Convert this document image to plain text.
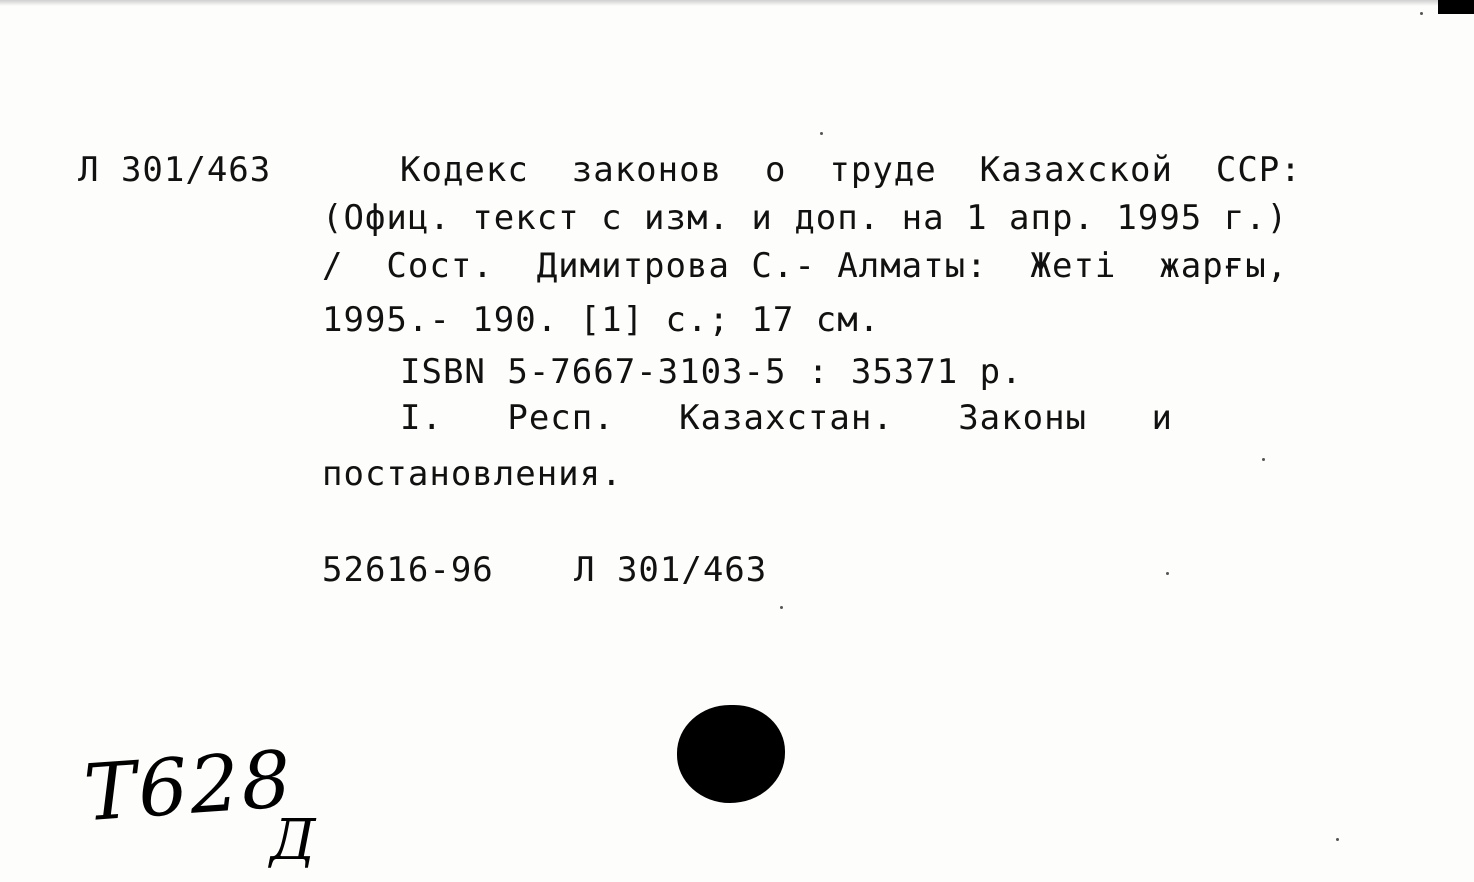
Л 301/463	Кодекс  законов  о  труде  Казахской  ССР:
(Офиц. текст с изм. и доп. на 1 апр. 1995 г.)
/  Сост.  Димитрова С.- Алматы:  Жеті  жарғы,
1995.- 190. [1] с.; 17 см.
ISBN 5-7667-3103-5 : 35371 р.
I.   Респ.   Казахстан.   Законы   и
постановления.
52616-96 Л 301/463
Т628
Д
